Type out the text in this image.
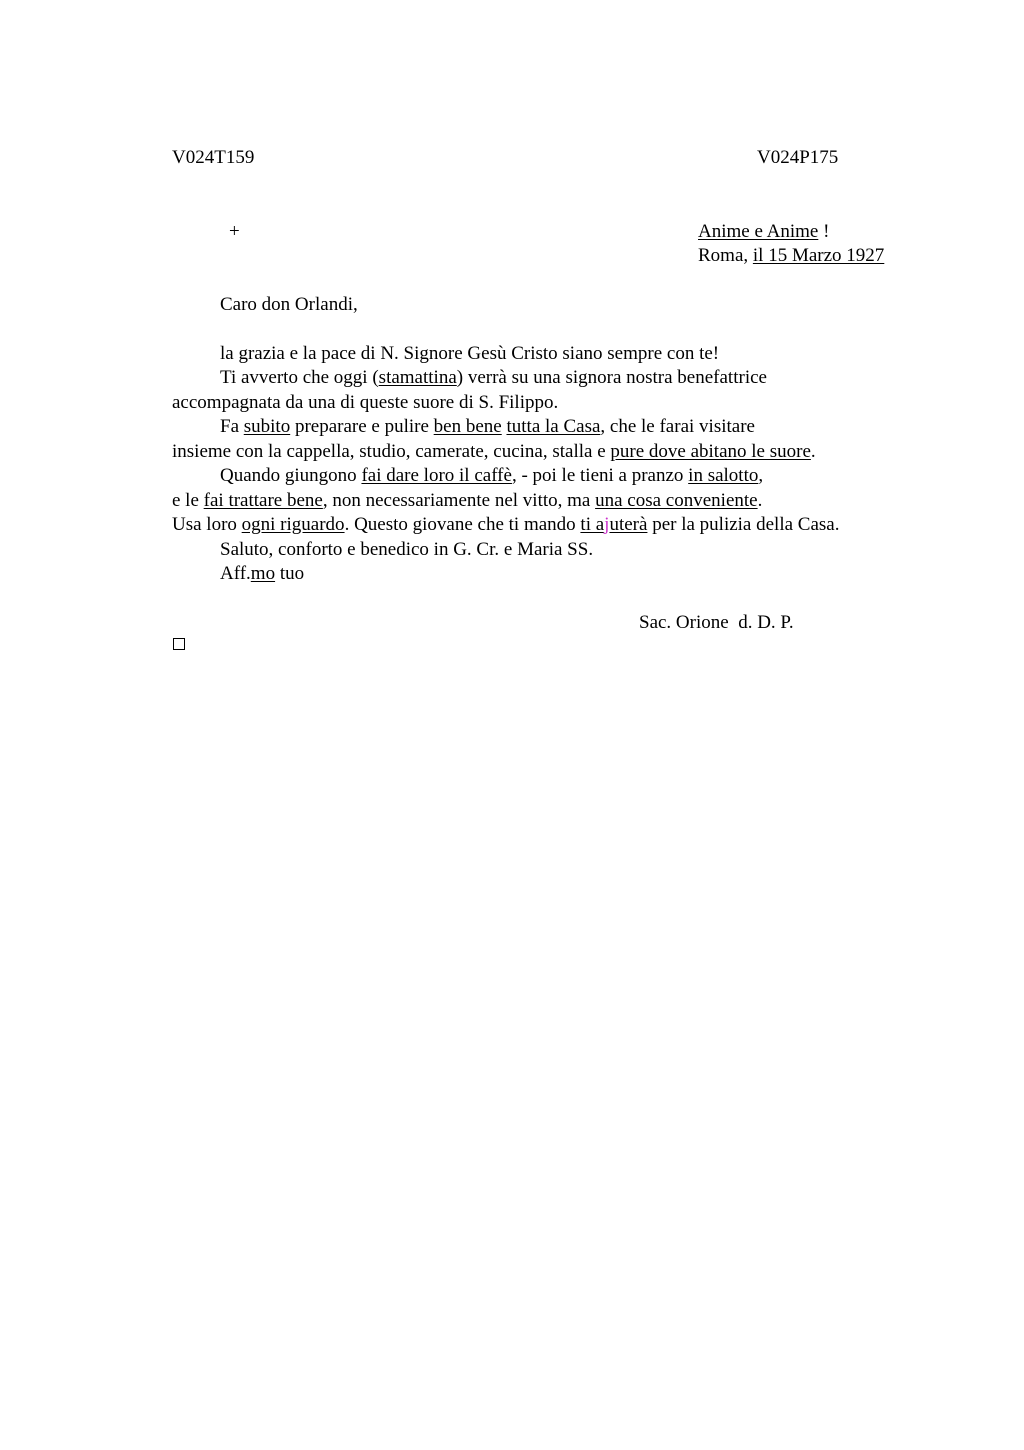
V024T159	V024P175
+	Anime e Anime !
Roma, il 15 Marzo 1927
Caro don Orlandi,
la grazia e la pace di N. Signore Gesù Cristo siano sempre con te!
Ti avverto che oggi (stamattina) verrà su una signora nostra benefattrice
accompagnata da una di queste suore di S. Filippo.
Fa subito preparare e pulire ben bene tutta la Casa, che le farai visitare
insieme con la cappella, studio, camerate, cucina, stalla e pure dove abitano le suore.
Quando giungono fai dare loro il caffè, - poi le tieni a pranzo in salotto,
e le fai trattare bene, non necessariamente nel vitto, ma una cosa conveniente.
Usa loro ogni riguardo. Questo giovane che ti mando ti ajuterà per la pulizia della Casa.
Saluto, conforto e benedico in G. Cr. e Maria SS.
Aff.mo tuo
Sac. Orione  d. D. P.
